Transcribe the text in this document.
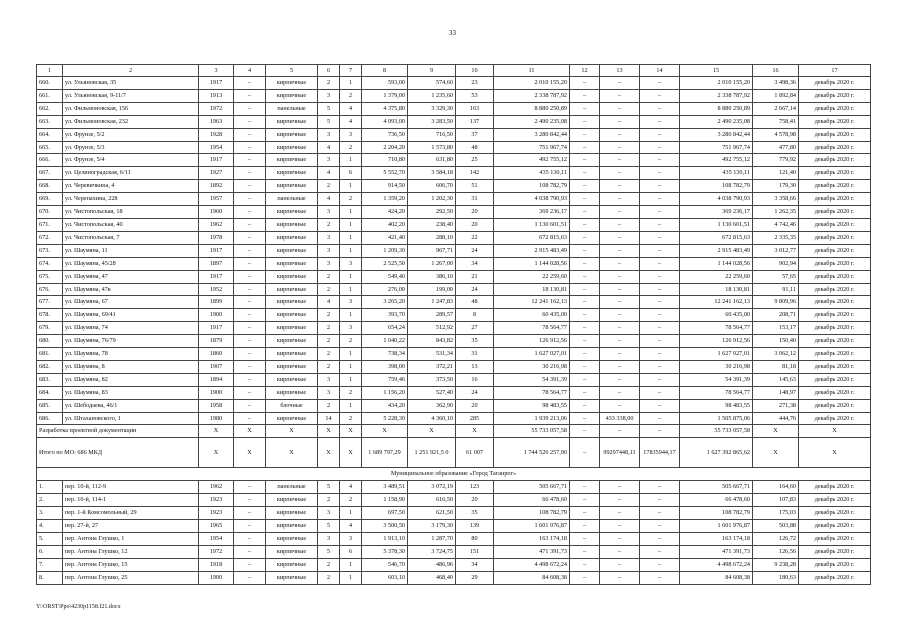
33
1	2	3	4	5	6	7	8	9	10	11	12	13	14	15	16	17
660.	ул. Ульяновская, 35	1917	–	кирпичные	2	1	593,00	574,60	23	2 010 155,20	–	–	–	2 010 155,20	3 498,36	декабрь 2020 г.
661.	ул. Ульяновская, 9-11/7	1913	–	кирпичные	3	2	1 379,00	1 235,60	53	2 338 787,92	–	–	–	2 338 787,92	1 892,84	декабрь 2020 г.
662.	ул. Фильмоновская, 156	1972	–	панельные	5	4	4 375,80	3 329,30	163	8 880 250,89	–	–	–	8 880 250,89	2 667,14	декабрь 2020 г.
663.	ул. Фильмоновская, 232	1963	–	кирпичные	5	4	4 093,00	3 283,50	137	2 490 235,08	–	–	–	2 490 235,08	758,41	декабрь 2020 г.
664.	ул. Фрунзе, 5/2	1928	–	кирпичные	3	3	736,50	716,50	37	3 280 842,44	–	–	–	3 280 842,44	4 578,98	декабрь 2020 г.
665.	ул. Фрунзе, 5/3	1954	–	кирпичные	4	2	2 204,20	1 573,80	48	751 967,74	–	–	–	751 967,74	477,80	декабрь 2020 г.
666.	ул. Фрунзе, 5/4	1917	–	кирпичные	3	1	710,80	631,80	25	492 755,12	–	–	–	492 755,12	779,92	декабрь 2020 г.
667.	ул. Целиноградская, 6/11	1927	–	кирпичные	4	6	5 552,70	3 584,18	142	435 130,11	–	–	–	435 130,11	121,40	декабрь 2020 г.
668.	ул. Черевичкина, 4	1892	–	кирпичные	2	1	914,50	606,70	51	108 782,79	–	–	–	108 782,79	179,30	декабрь 2020 г.
669.	ул. Черепахина, 228	1957	–	панельные	4	2	1 359,20	1 202,30	31	4 038 790,93	–	–	–	4 038 790,93	3 358,66	декабрь 2020 г.
670.	ул. Чистопольская, 18	1960	–	кирпичные	3	1	424,20	292,50	20	369 236,17	–	–	–	369 236,17	1 262,35	декабрь 2020 г.
671.	ул. Чистопольская, 40	1962	–	кирпичные	2	1	402,20	238,40	20	1 130 601,51	–	–	–	1 130 601,51	4 742,46	декабрь 2020 г.
672.	ул. Чистопольская, 7	1978	–	кирпичные	3	1	421,40	288,10	22	672 815,63	–	–	–	672 815,63	2 335,35	декабрь 2020 г.
673.	ул. Шаумяна, 11	1917	–	кирпичные	3	1	1 209,30	967,71	24	2 915 483,49	–	–	–	2 915 483,49	3 012,77	декабрь 2020 г.
674.	ул. Шаумяна, 45/28	1897	–	кирпичные	3	3	2 525,50	1 267,00	34	1 144 028,56	–	–	–	1 144 028,56	902,94	декабрь 2020 г.
675.	ул. Шаумяна, 47	1917	–	кирпичные	2	1	549,40	386,10	21	22 259,60	–	–	–	22 259,60	57,65	декабрь 2020 г.
676.	ул. Шаумяна, 47в	1952	–	кирпичные	2	1	276,00	199,00	24	18 130,81	–	–	–	18 130,81	91,11	декабрь 2020 г.
677.	ул. Шаумяна, 67	1899	–	кирпичные	4	3	3 265,20	1 247,83	48	12 241 162,13	–	–	–	12 241 162,13	9 809,96	декабрь 2020 г.
678.	ул. Шаумяна, 69/41	1900	–	кирпичные	2	1	393,70	289,57	8	60 435,00	–	–	–	60 435,00	208,71	декабрь 2020 г.
679.	ул. Шаумяна, 74	1917	–	кирпичные	2	3	654,24	512,92	27	78 564,77	–	–	–	78 564,77	153,17	декабрь 2020 г.
680.	ул. Шаумяна, 76/79	1879	–	кирпичные	2	2	1 040,22	843,82	35	126 912,56	–	–	–	126 912,56	150,40	декабрь 2020 г.
681.	ул. Шаумяна, 78	1860	–	кирпичные	2	1	738,34	531,34	31	1 627 027,01	–	–	–	1 627 027,01	3 062,12	декабрь 2020 г.
682.	ул. Шаумяна, 8	1907	–	кирпичные	2	1	398,00	372,21	13	30 216,98	–	–	–	30 216,98	81,18	декабрь 2020 г.
683.	ул. Шаумяна, 82	1894	–	кирпичные	3	1	759,46	373,50	16	54 391,39	–	–	–	54 391,39	145,63	декабрь 2020 г.
684.	ул. Шаумяна, 83	1900	–	кирпичные	3	2	1 156,20	527,40	24	78 564,77	–	–	–	78 564,77	148,97	декабрь 2020 г.
685.	ул. Шебодаева, 46/1	1958	–	блочные	2	1	434,20	362,90	20	98 483,55	–	–	–	98 483,55	271,38	декабрь 2020 г.
686.	ул. Штахановского, 1	1980	–	кирпичные	14	2	5 228,30	4 360,10	285	1 939 213,06	–	433 338,00	–	1 505 875,06	444,76	декабрь 2020 г.
Разработка проектной документации		Х	Х	Х	Х	Х	Х	Х	Х	55 733 057,58	–	–	–	55 733 057,58	Х	Х
Итого по МО: 686 МКД		Х	Х	Х	Х	Х	1 689 797,29	1 251 921,5 0	61 007	1 744 526 257,90	–	99297448,11	17835944,17	1 627 392 865,62	Х	Х
Муниципальное образование «Город Таганрог»																
1.	пер. 10-й, 112-9	1962	–	панельные	5	4	3 489,51	3 072,19	123	505 667,71	–	–	–	505 667,71	164,60	декабрь 2020 г.
2.	пер. 10-й, 114-1	1923	–	кирпичные	2	2	1 158,90	616,50	20	66 478,60	–	–	–	66 478,60	107,83	декабрь 2020 г.
3.	пер. 1-й Комсомольный, 29	1923	–	кирпичные	3	1	697,50	621,50	35	108 782,79	–	–	–	108 782,79	175,03	декабрь 2020 г.
4.	пер. 27-й, 27	1965	–	кирпичные	5	4	3 500,50	3 179,30	139	1 601 976,87	–	–	–	1 601 976,87	503,88	декабрь 2020 г.
5.	пер. Антона Глушко, 1	1954	–	кирпичные	3	3	1 913,10	1 287,70	80	163 174,18	–	–	–	163 174,18	126,72	декабрь 2020 г.
6.	пер. Антона Глушко, 12	1972	–	кирпичные	5	6	5 378,30	3 724,75	151	471 391,73	–	–	–	471 391,73	126,56	декабрь 2020 г.
7.	пер. Антона Глушко, 15	1918	–	кирпичные	2	1	546,70	486,96	34	4 498 672,24	–	–	–	4 498 672,24	9 238,28	декабрь 2020 г.
8.	пер. Антона Глушко, 25	1900	–	кирпичные	2	1	603,10	468,40	29	84 608,38	–	–	–	84 608,38	180,63	декабрь 2020 г.
Y:\ORST\Ppo\4230p1158.f21.docx
